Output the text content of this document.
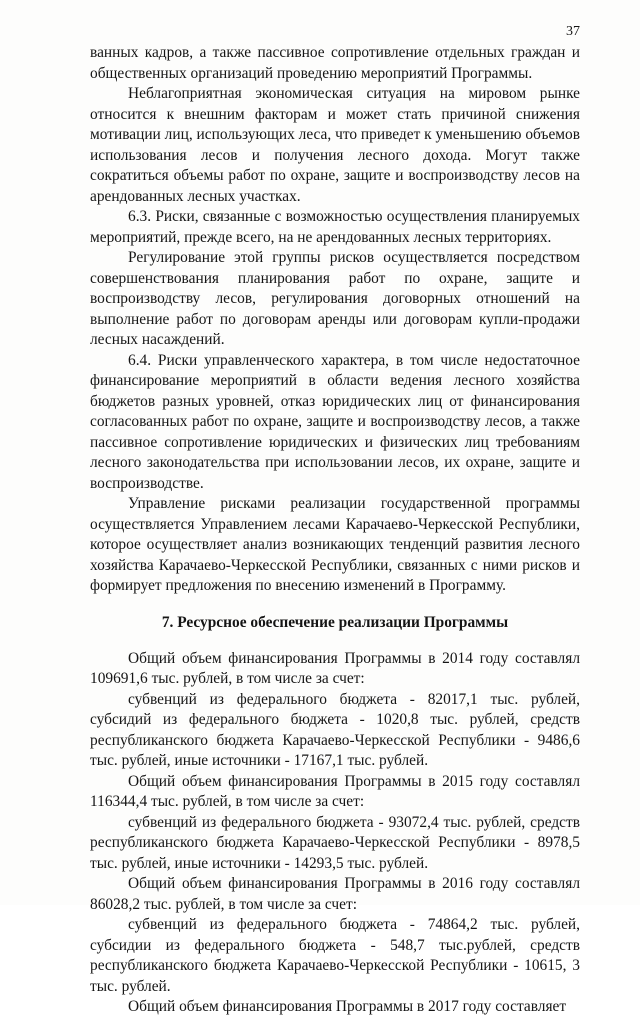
37

ванных кадров, а также пассивное сопротивление отдельных граждан и общественных организаций проведению мероприятий Программы.

Неблагоприятная экономическая ситуация на мировом рынке относится к внешним факторам и может стать причиной снижения мотивации лиц, использующих леса, что приведет к уменьшению объемов использования лесов и получения лесного дохода. Могут также сократиться объемы работ по охране, защите и воспроизводству лесов на арендованных лесных участках.

6.3. Риски, связанные с возможностью осуществления планируемых мероприятий, прежде всего, на не арендованных лесных территориях.

Регулирование этой группы рисков осуществляется посредством совершенствования планирования работ по охране, защите и воспроизводству лесов, регулирования договорных отношений на выполнение работ по договорам аренды или договорам купли-продажи лесных насаждений.

6.4. Риски управленческого характера, в том числе недостаточное финансирование мероприятий в области ведения лесного хозяйства бюджетов разных уровней, отказ юридических лиц от финансирования согласованных работ по охране, защите и воспроизводству лесов, а также пассивное сопротивление юридических и физических лиц требованиям лесного законодательства при использовании лесов, их охране, защите и воспроизводстве.

Управление рисками реализации государственной программы осуществляется Управлением лесами Карачаево-Черкесской Республики, которое осуществляет анализ возникающих тенденций развития лесного хозяйства Карачаево-Черкесской Республики, связанных с ними рисков и формирует предложения по внесению изменений в Программу.

7. Ресурсное обеспечение реализации Программы

Общий объем финансирования Программы в 2014 году составлял 109691,6 тыс. рублей, в том числе за счет:

субвенций из федерального бюджета - 82017,1 тыс. рублей, субсидий из федерального бюджета - 1020,8 тыс. рублей, средств республиканского бюджета Карачаево-Черкесской Республики - 9486,6 тыс. рублей, иные источники - 17167,1 тыс. рублей.

Общий объем финансирования Программы в 2015 году составлял 116344,4 тыс. рублей, в том числе за счет:

субвенций из федерального бюджета - 93072,4 тыс. рублей, средств республиканского бюджета Карачаево-Черкесской Республики - 8978,5 тыс. рублей, иные источники - 14293,5 тыс. рублей.

Общий объем финансирования Программы в 2016 году составлял 86028,2 тыс. рублей, в том числе за счет:

субвенций из федерального бюджета - 74864,2 тыс. рублей, субсидии из федерального бюджета - 548,7 тыс.рублей, средств республиканского бюджета Карачаево-Черкесской Республики - 10615, 3 тыс. рублей.

Общий объем финансирования Программы в 2017 году составляет
